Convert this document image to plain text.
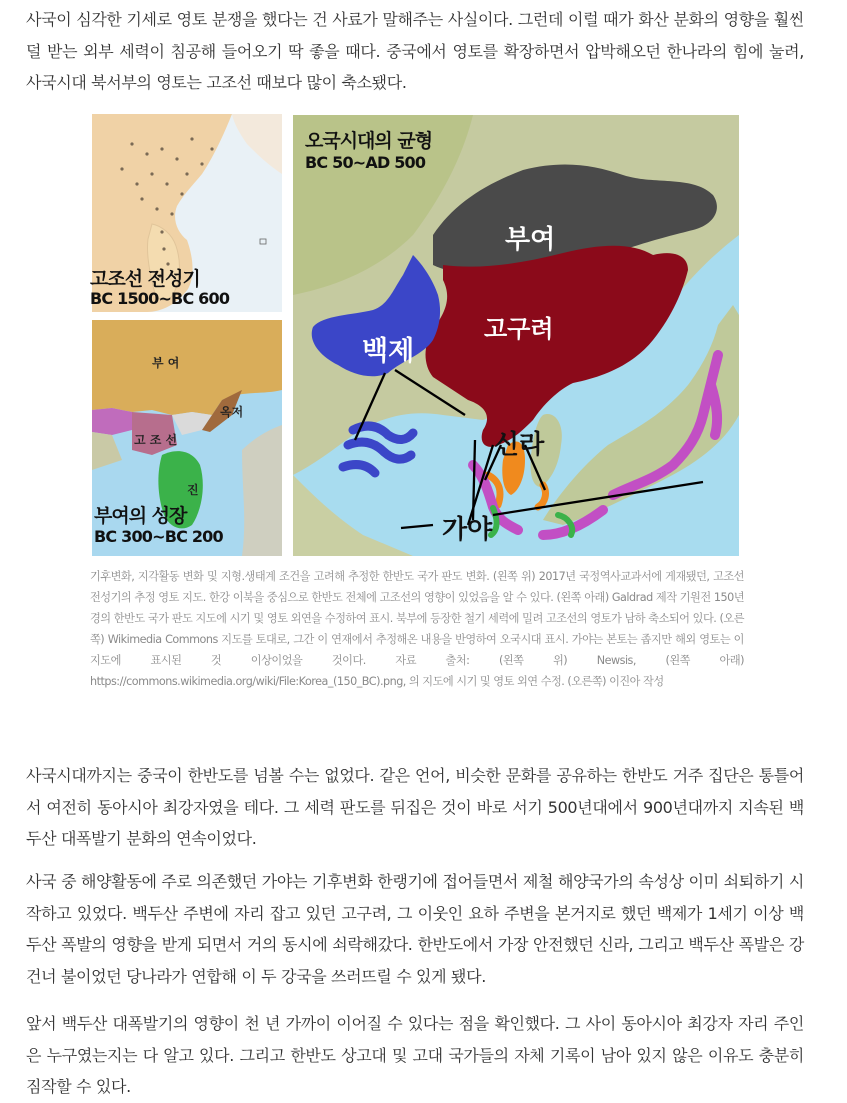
사국이 심각한 기세로 영토 분쟁을 했다는 건 사료가 말해주는 사실이다. 그런데 이럴 때가 화산 분화의 영향을 훨씬 덜 받는 외부 세력이 침공해 들어오기 딱 좋을 때다. 중국에서 영토를 확장하면서 압박해오던 한나라의 힘에 눌려, 사국시대 북서부의 영토는 고조선 때보다 많이 축소됐다.

고조선 전성기
BC 1500~BC 600
부 여
옥저
고 조 선
진
부여의 성장
BC 300~BC 200
오국시대의 균형
BC 50~AD 500
부여
고구려
백제
신라
가야

기후변화, 지각활동 변화 및 지형.생태계 조건을 고려해 추정한 한반도 국가 판도 변화. (왼쪽 위) 2017년 국정역사교과서에 게재됐던, 고조선 전성기의 추정 영토 지도. 한강 이북을 중심으로 한반도 전체에 고조선의 영향이 있었음을 알 수 있다. (왼쪽 아래) Galdrad 제작 기원전 150년 경의 한반도 국가 판도 지도에 시기 및 영토 외연을 수정하여 표시. 북부에 등장한 철기 세력에 밀려 고조선의 영토가 남하 축소되어 있다. (오른쪽) Wikimedia Commons 지도를 토대로, 그간 이 연재에서 추정해온 내용을 반영하여 오국시대 표시. 가야는 본토는 좁지만 해외 영토는 이 지도에 표시된 것 이상이었을 것이다. 자료 출처: (왼쪽 위) Newsis, (왼쪽 아래) https://commons.wikimedia.org/wiki/File:Korea_(150_BC).png, 의 지도에 시기 및 영토 외연 수정. (오른쪽) 이진아 작성

사국시대까지는 중국이 한반도를 넘볼 수는 없었다. 같은 언어, 비슷한 문화를 공유하는 한반도 거주 집단은 통틀어서 여전히 동아시아 최강자였을 테다. 그 세력 판도를 뒤집은 것이 바로 서기 500년대에서 900년대까지 지속된 백두산 대폭발기 분화의 연속이었다.

사국 중 해양활동에 주로 의존했던 가야는 기후변화 한랭기에 접어들면서 제철 해양국가의 속성상 이미 쇠퇴하기 시작하고 있었다. 백두산 주변에 자리 잡고 있던 고구려, 그 이웃인 요하 주변을 본거지로 했던 백제가 1세기 이상 백두산 폭발의 영향을 받게 되면서 거의 동시에 쇠락해갔다. 한반도에서 가장 안전했던 신라, 그리고 백두산 폭발은 강 건너 불이었던 당나라가 연합해 이 두 강국을 쓰러뜨릴 수 있게 됐다.

앞서 백두산 대폭발기의 영향이 천 년 가까이 이어질 수 있다는 점을 확인했다. 그 사이 동아시아 최강자 자리 주인은 누구였는지는 다 알고 있다. 그리고 한반도 상고대 및 고대 국가들의 자체 기록이 남아 있지 않은 이유도 충분히 짐작할 수 있다.
